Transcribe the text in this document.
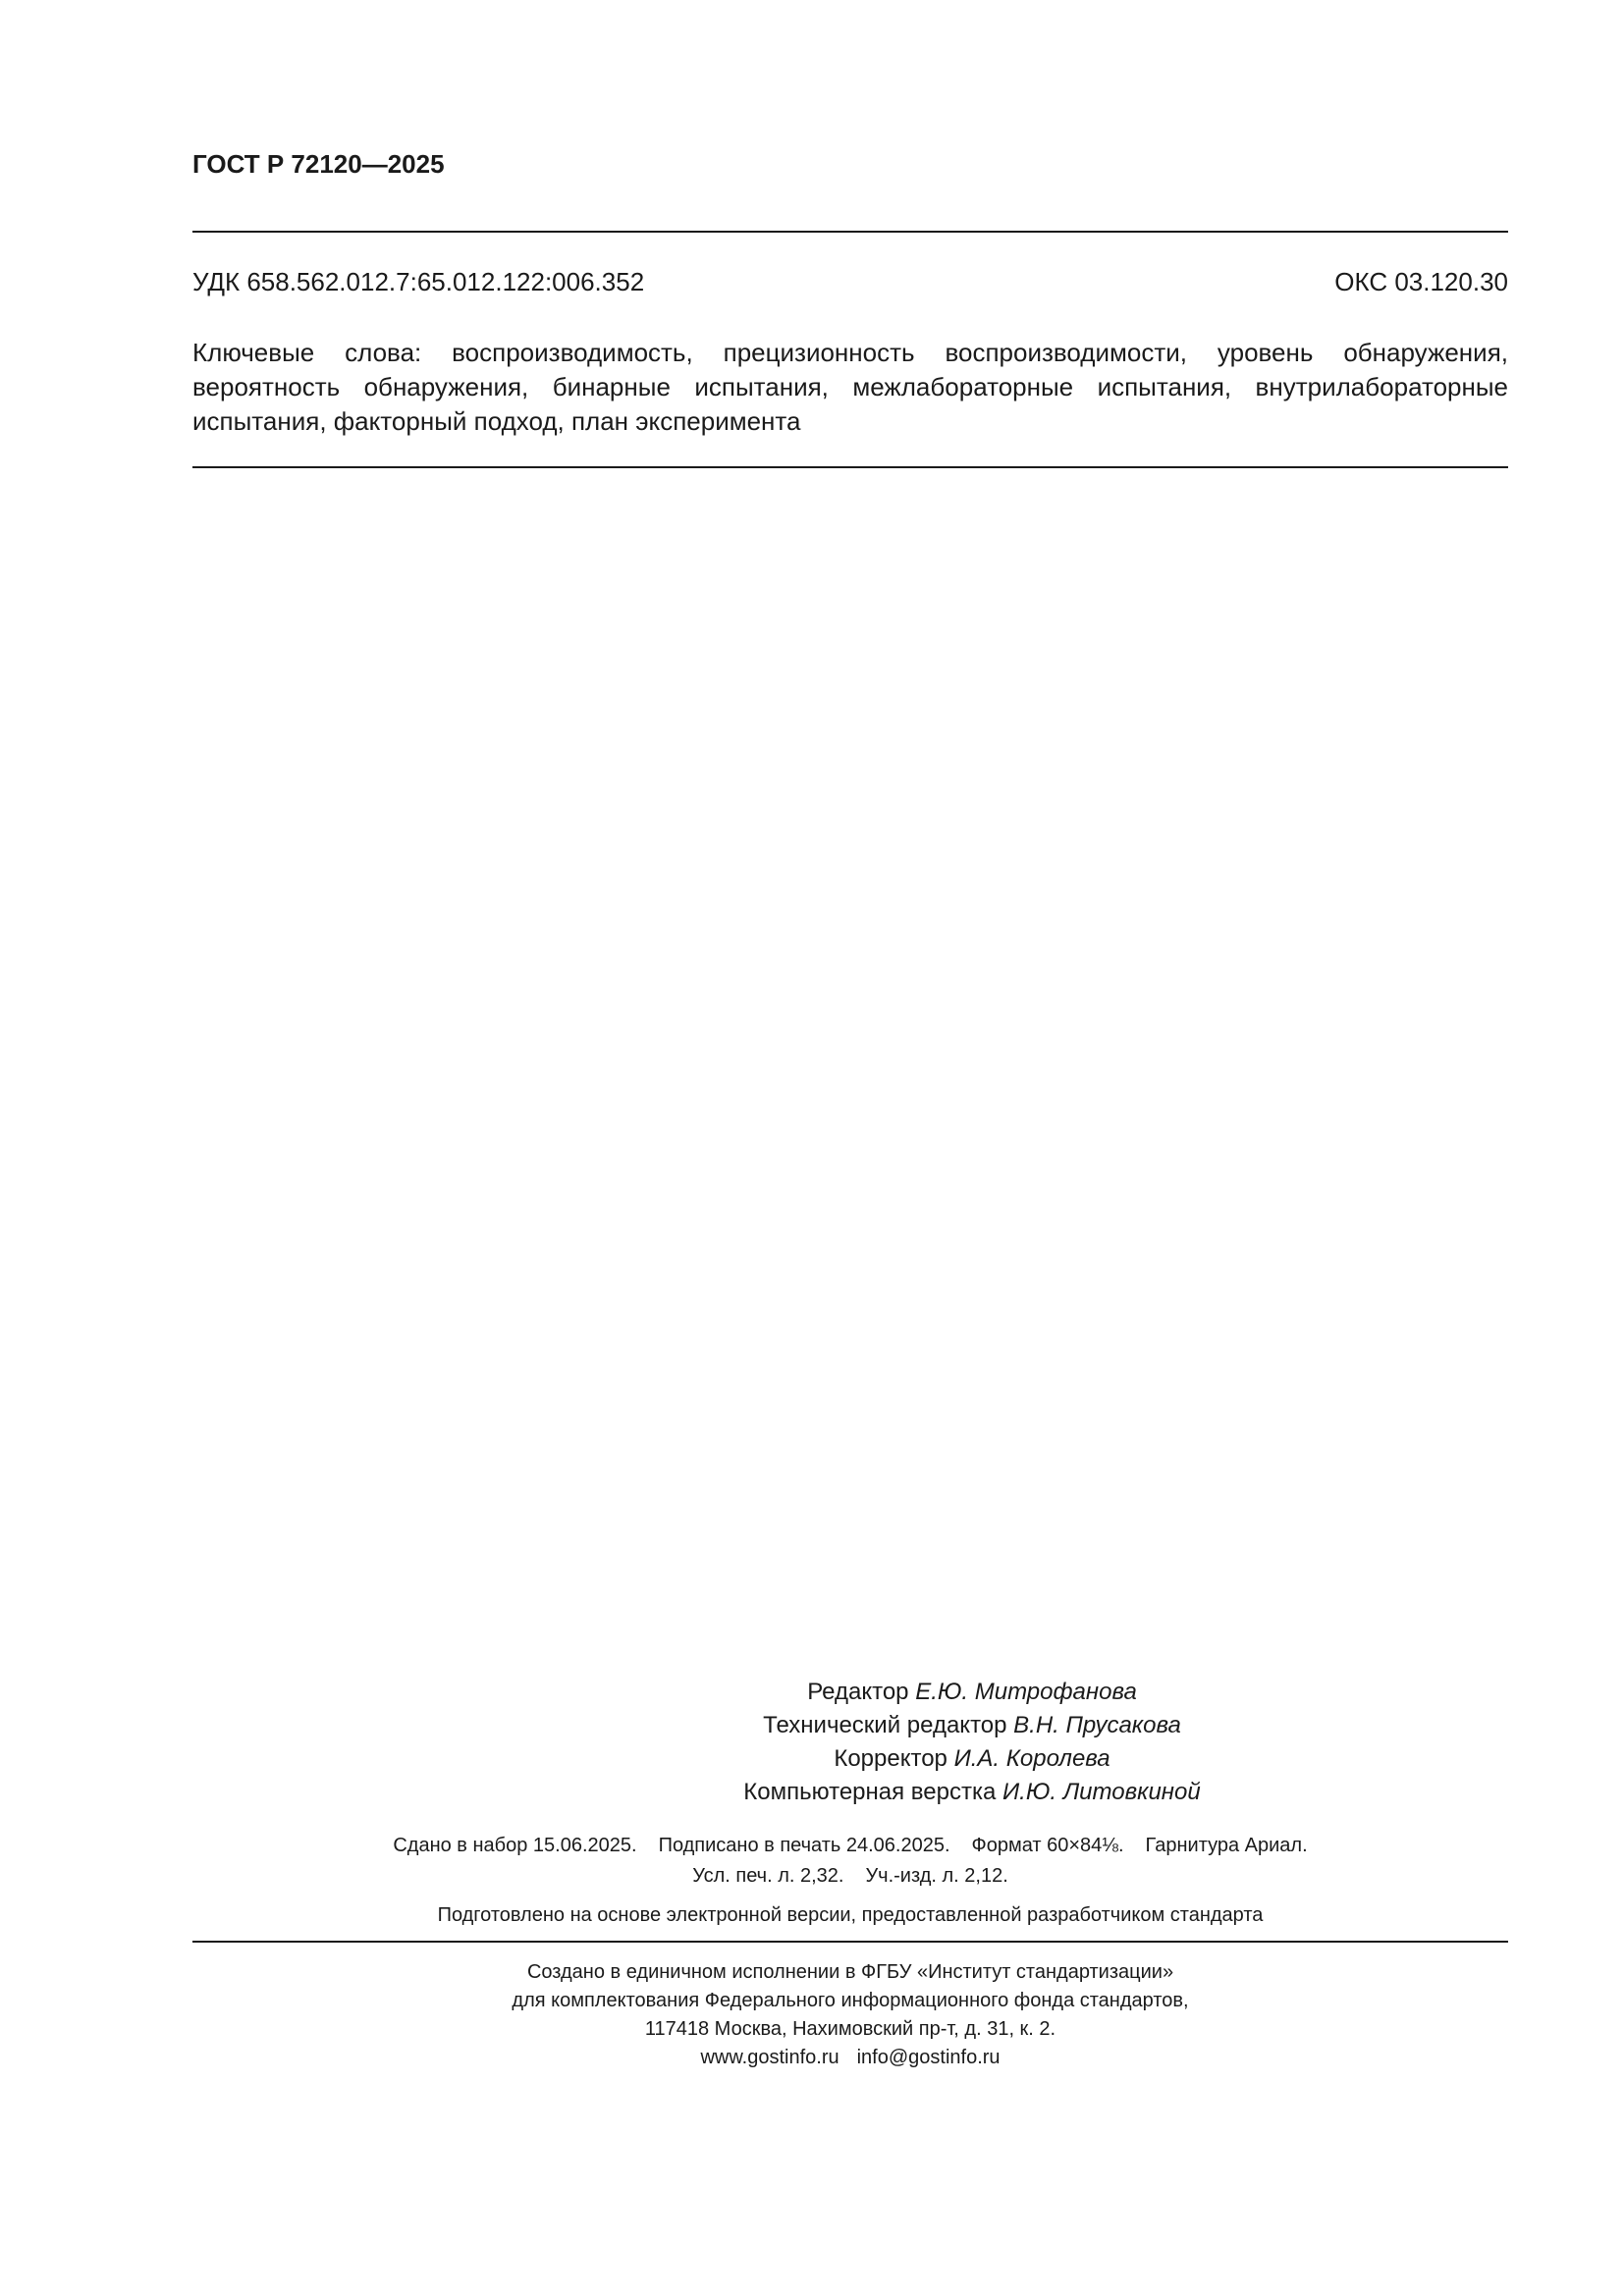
ГОСТ Р 72120—2025
УДК 658.562.012.7:65.012.122:006.352	ОКС 03.120.30
Ключевые слова: воспроизводимость, прецизионность воспроизводимости, уровень обнаружения, вероятность обнаружения, бинарные испытания, межлабораторные испытания, внутрилабораторные испытания, факторный подход, план эксперимента
Редактор Е.Ю. Митрофанова
Технический редактор В.Н. Прусакова
Корректор И.А. Королева
Компьютерная верстка И.Ю. Литовкиной
Сдано в набор 15.06.2025. Подписано в печать 24.06.2025. Формат 60×84⅛. Гарнитура Ариал.
Усл. печ. л. 2,32. Уч.-изд. л. 2,12.
Подготовлено на основе электронной версии, предоставленной разработчиком стандарта
Создано в единичном исполнении в ФГБУ «Институт стандартизации»
для комплектования Федерального информационного фонда стандартов,
117418 Москва, Нахимовский пр-т, д. 31, к. 2.
www.gostinfo.ru info@gostinfo.ru
